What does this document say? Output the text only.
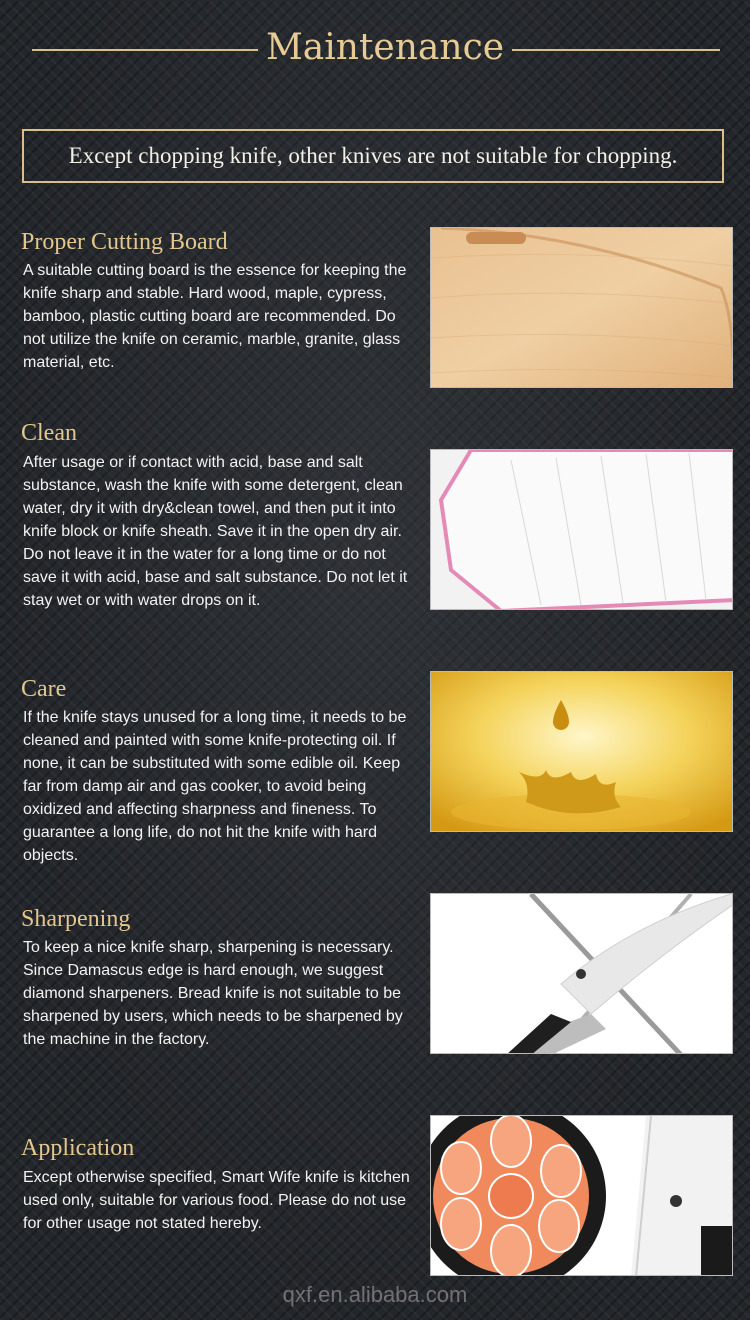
Maintenance
Except chopping knife, other knives are not suitable for chopping.
Proper Cutting Board
A suitable cutting board is the essence for keeping the knife sharp and stable. Hard wood, maple, cypress, bamboo, plastic cutting board are recommended. Do not utilize the knife on ceramic, marble, granite, glass material, etc.
Clean
After usage or if contact with acid, base and salt substance, wash the knife with some detergent, clean water, dry it with dry&clean towel, and then put it into knife block or knife sheath. Save it in the open dry air. Do not leave it in the water for a long time or do not save it with acid, base and salt substance. Do not let it stay wet or with water drops on it.
Care
If the knife stays unused for a long time, it needs to be cleaned and painted with some knife-protecting oil. If none, it can be substituted with some edible oil. Keep far from damp air and gas cooker, to avoid being oxidized and affecting sharpness and fineness. To guarantee a long life, do not hit the knife with hard objects.
Sharpening
To keep a nice knife sharp, sharpening is necessary. Since Damascus edge is hard enough, we suggest diamond sharpeners. Bread knife is not suitable to be sharpened by users, which needs to be sharpened by the machine in the factory.
Application
Except otherwise specified, Smart Wife knife is kitchen used only, suitable for various food. Please do not use for other usage not stated hereby.
qxf.en.alibaba.com
